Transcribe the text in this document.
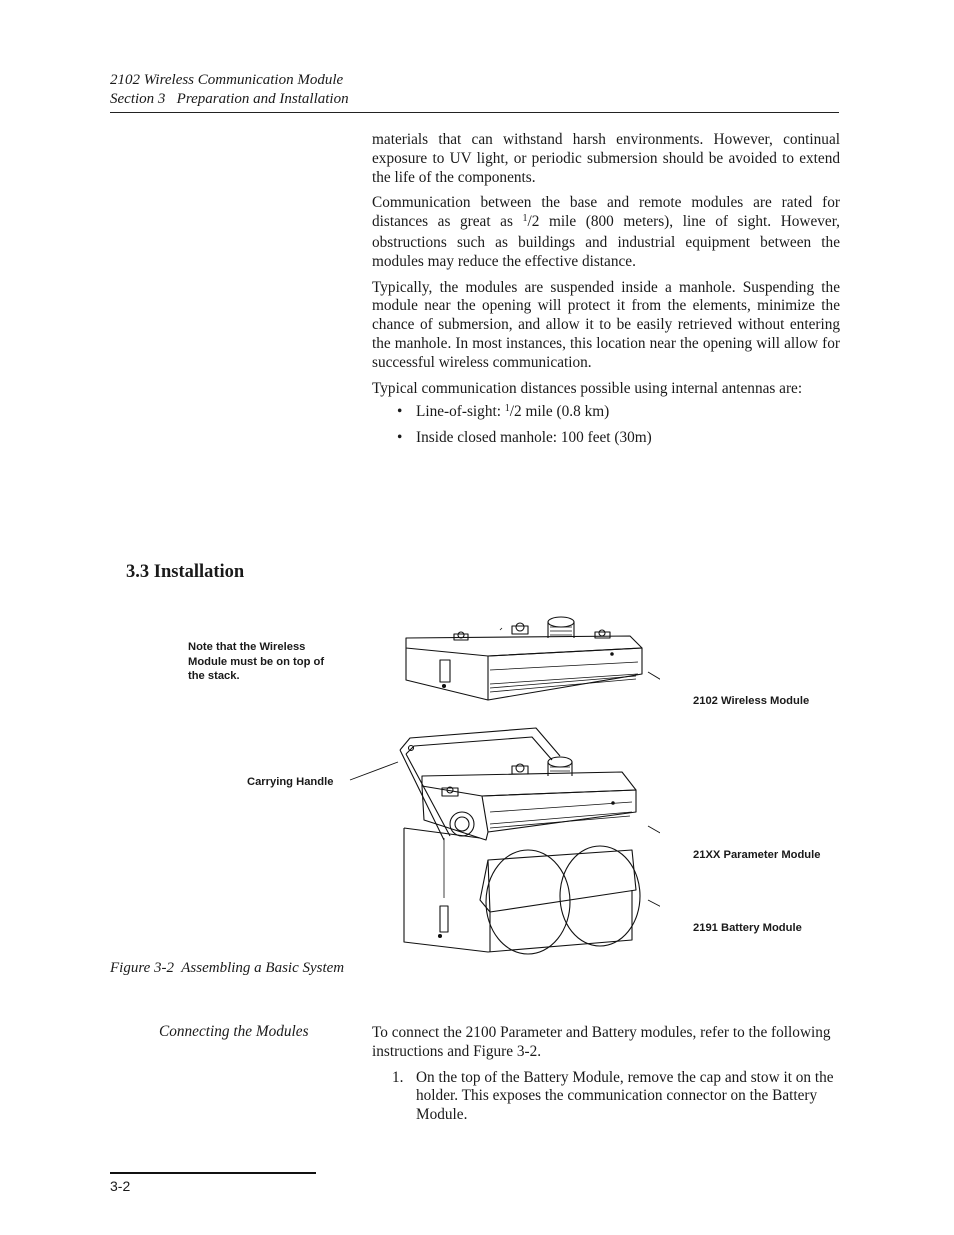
2102 Wireless Communication Module
Section 3   Preparation and Installation

materials that can withstand harsh environments. However, continual exposure to UV light, or periodic submersion should be avoided to extend the life of the components.

Communication between the base and remote modules are rated for distances as great as $^1$/2 mile (800 meters), line of sight. However, obstructions such as buildings and industrial equipment between the modules may reduce the effective distance.

Typically, the modules are suspended inside a manhole. Suspending the module near the opening will protect it from the elements, minimize the chance of submersion, and allow it to be easily retrieved without entering the manhole. In most instances, this location near the opening will allow for successful wireless communication.

Typical communication distances possible using internal antennas are:

• Line-of-sight: $^1$/2 mile (0.8 km)
• Inside closed manhole: 100 feet (30m)
3.3 Installation
Note that the Wireless Module must be on top of the stack.
2102 Wireless Module
Carrying Handle
21XX Parameter Module
2191 Battery Module
Figure 3-2  Assembling a Basic System
Connecting the Modules	To connect the 2100 Parameter and Battery modules, refer to the following instructions and Figure 3-2.

1. On the top of the Battery Module, remove the cap and stow it on the holder. This exposes the communication connector on the Battery Module.
3-2
